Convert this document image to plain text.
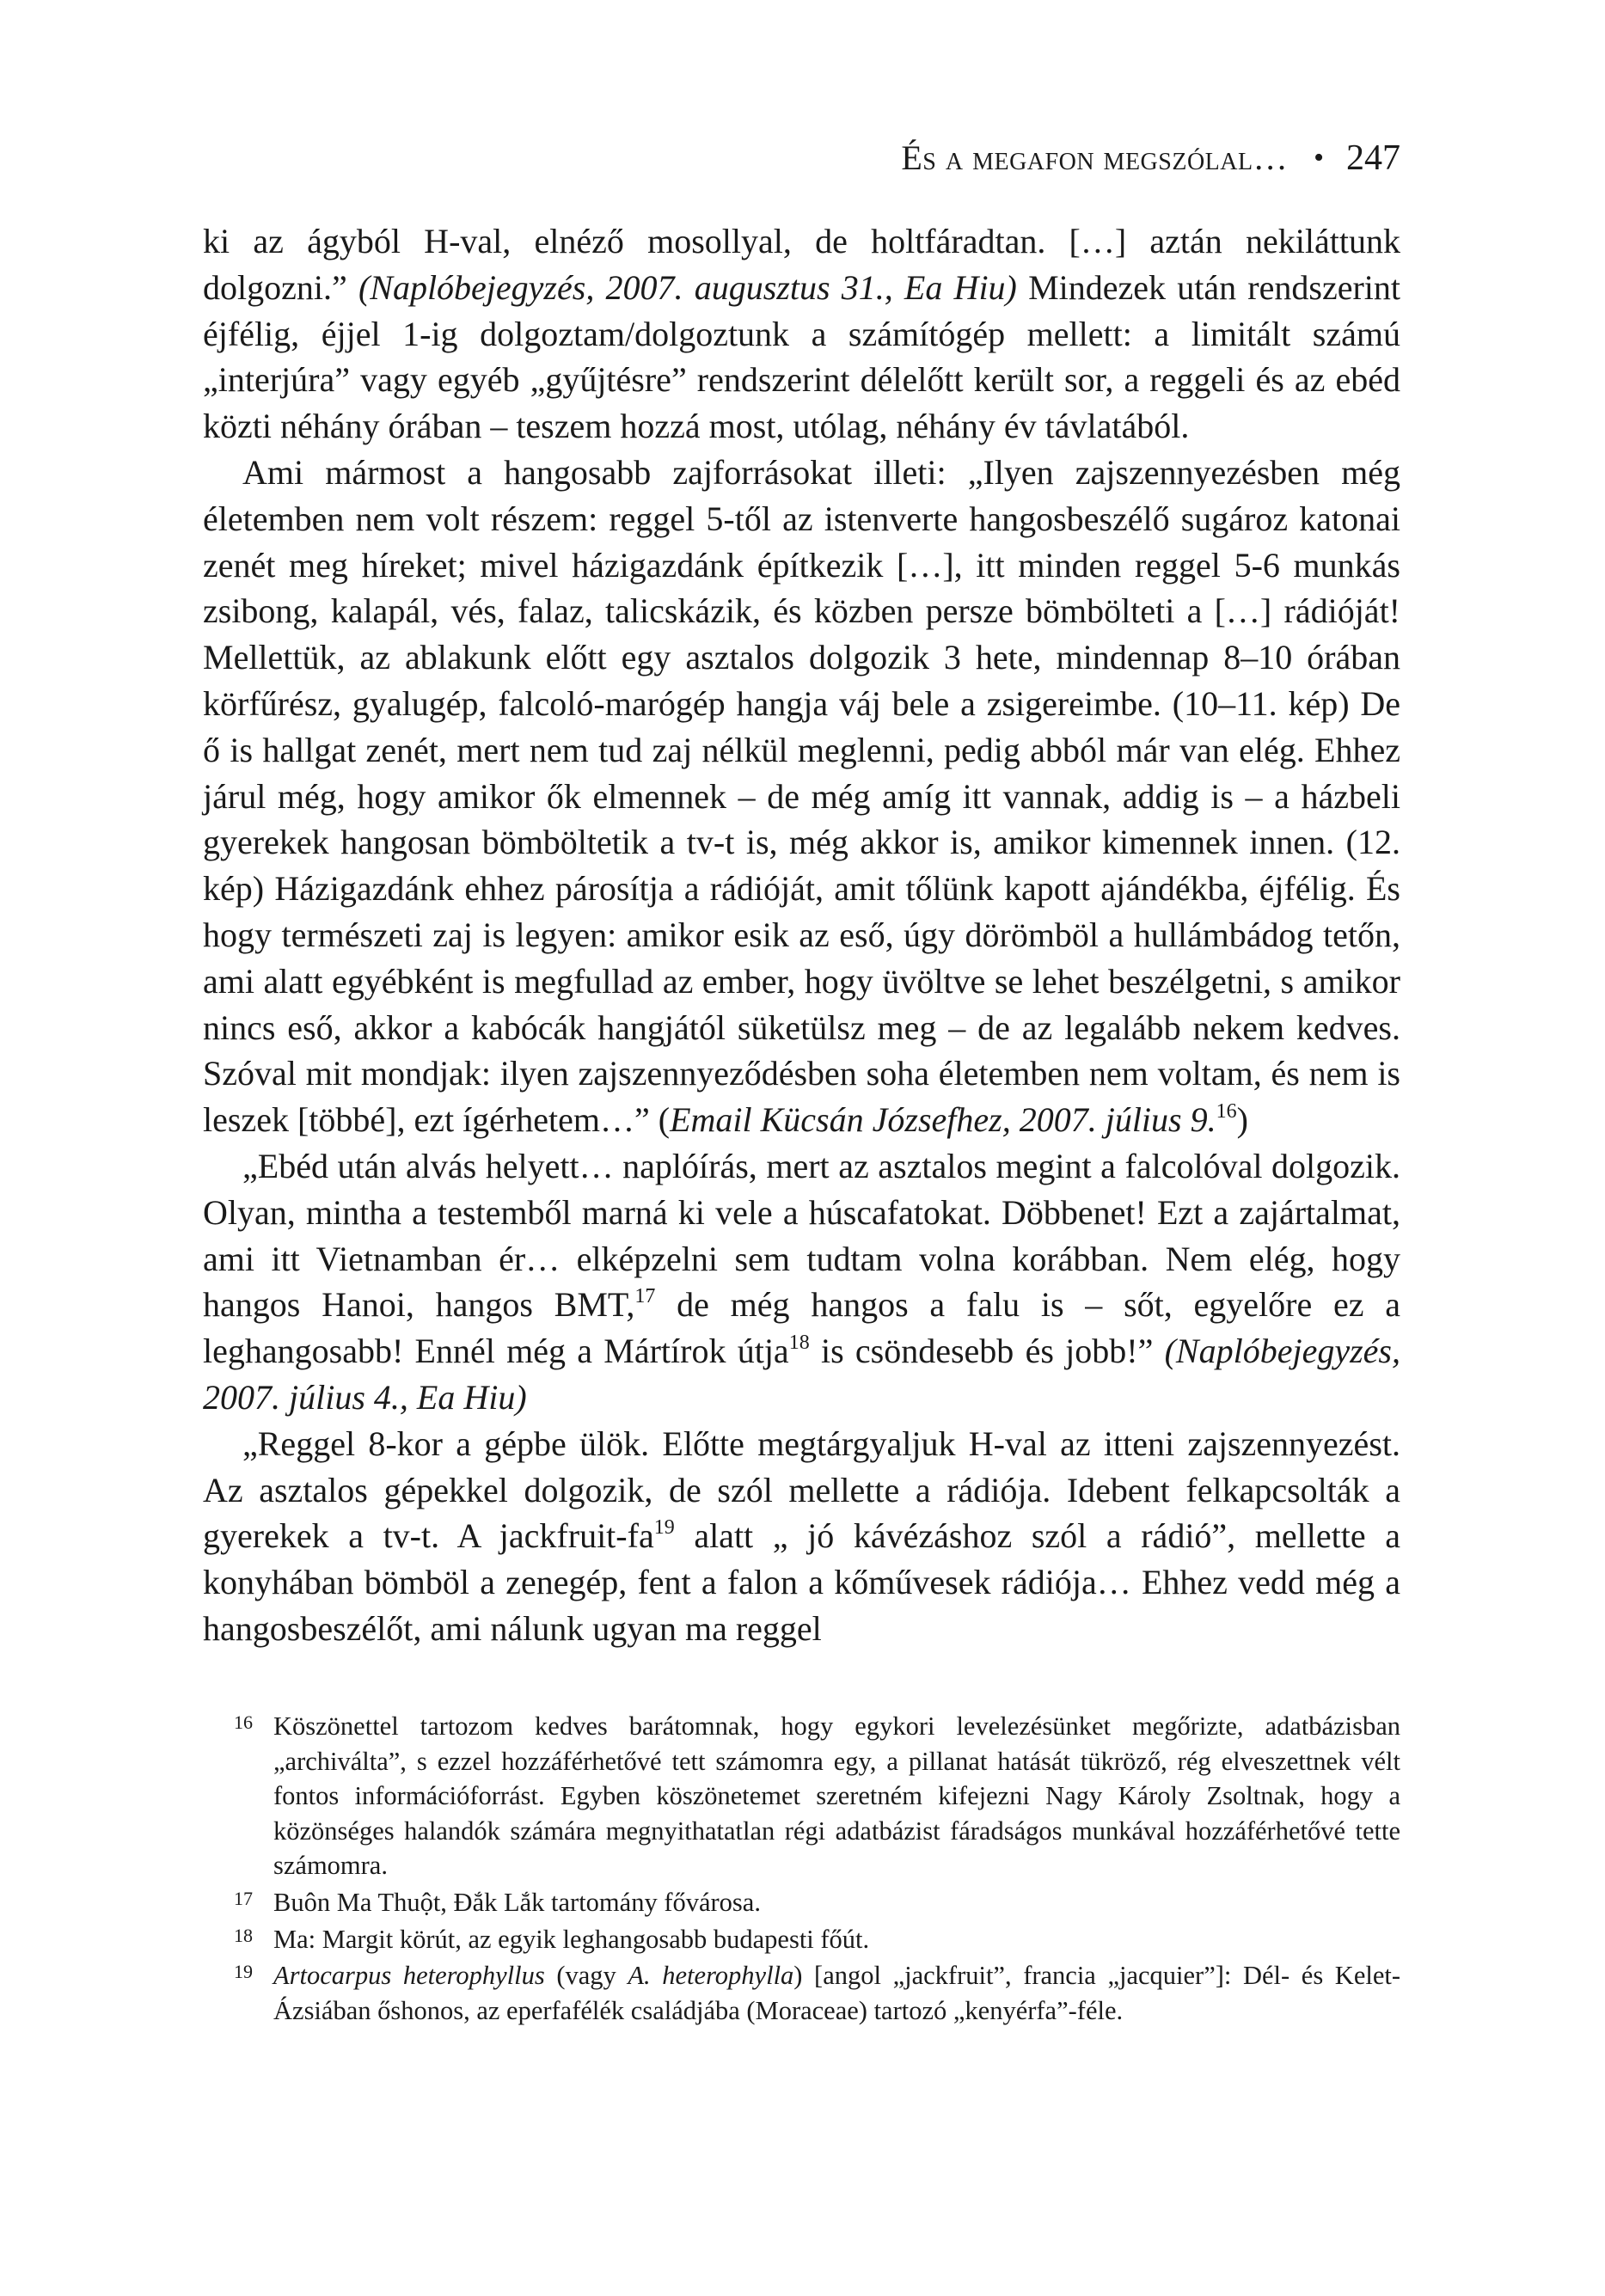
És a megafon megszólal… • 247

ki az ágyból H-val, elnéző mosollyal, de holtfáradtan. […] aztán nekiláttunk dolgozni.” (Naplóbejegyzés, 2007. augusztus 31., Ea Hiu) Mindezek után rendszerint éjfélig, éjjel 1-ig dolgoztam/dolgoztunk a számítógép mellett: a limitált számú „interjúra” vagy egyéb „gyűjtésre” rendszerint délelőtt került sor, a reggeli és az ebéd közti néhány órában – teszem hozzá most, utólag, néhány év távlatából.

Ami mármost a hangosabb zajforrásokat illeti: „Ilyen zajszennyezésben még életemben nem volt részem: reggel 5-től az istenverte hangosbeszélő sugároz katonai zenét meg híreket; mivel házigazdánk építkezik […], itt minden reggel 5-6 munkás zsibong, kalapál, vés, falaz, talicskázik, és közben persze bömbölteti a […] rádióját! Mellettük, az ablakunk előtt egy asztalos dolgozik 3 hete, mindennap 8–10 órában körfűrész, gyalugép, falcoló-marógép hangja váj bele a zsigereimbe. (10–11. kép) De ő is hallgat zenét, mert nem tud zaj nélkül meglenni, pedig abból már van elég. Ehhez járul még, hogy amikor ők elmennek – de még amíg itt vannak, addig is – a házbeli gyerekek hangosan bömböltetik a tv-t is, még akkor is, amikor kimennek innen. (12. kép) Házigazdánk ehhez párosítja a rádióját, amit tőlünk kapott ajándékba, éjfélig. És hogy természeti zaj is legyen: amikor esik az eső, úgy dörömböl a hullámbádog tetőn, ami alatt egyébként is megfullad az ember, hogy üvöltve se lehet beszélgetni, s amikor nincs eső, akkor a kabócák hangjától süketülsz meg – de az legalább nekem kedves. Szóval mit mondjak: ilyen zajszennyeződésben soha életemben nem voltam, és nem is leszek [többé], ezt ígérhetem…” (Email Kücsán Józsefhez, 2007. július 9.16)

„Ebéd után alvás helyett… naplóírás, mert az asztalos megint a falcolóval dolgozik. Olyan, mintha a testemből marná ki vele a húscafatokat. Döbbenet! Ezt a zajártalmat, ami itt Vietnamban ér… elképzelni sem tudtam volna korábban. Nem elég, hogy hangos Hanoi, hangos BMT,$^{17}$ de még hangos a falu is – sőt, egyelőre ez a leghangosabb! Ennél még a Mártírok útja$^{18}$ is csöndesebb és jobb!” (Naplóbejegyzés, 2007. július 4., Ea Hiu)

„Reggel 8-kor a gépbe ülök. Előtte megtárgyaljuk H-val az itteni zajszennyezést. Az asztalos gépekkel dolgozik, de szól mellette a rádiója. Idebent felkapcsolták a gyerekek a tv-t. A jackfruit-fa$^{19}$ alatt „ jó kávézáshoz szól a rádió”, mellette a konyhában bömböl a zenegép, fent a falon a kőművesek rádiója… Ehhez vedd még a hangosbeszélőt, ami nálunk ugyan ma reggel

16 Köszönettel tartozom kedves barátomnak, hogy egykori levelezésünket megőrizte, adatbázisban „archiválta”, s ezzel hozzáférhetővé tett számomra egy, a pillanat hatását tükröző, rég elveszettnek vélt fontos információforrást. Egyben köszönetemet szeretném kifejezni Nagy Károly Zsoltnak, hogy a közönséges halandók számára megnyithatatlan régi adatbázist fáradságos munkával hozzáférhetővé tette számomra.
17 Buôn Ma Thuột, Đắk Lắk tartomány fővárosa.
18 Ma: Margit körút, az egyik leghangosabb budapesti főút.
19 Artocarpus heterophyllus (vagy A. heterophylla) [angol „jackfruit”, francia „jacquier”]: Dél- és Kelet-Ázsiában őshonos, az eperfafélék családjába (Moraceae) tartozó „kenyérfa”-féle.
